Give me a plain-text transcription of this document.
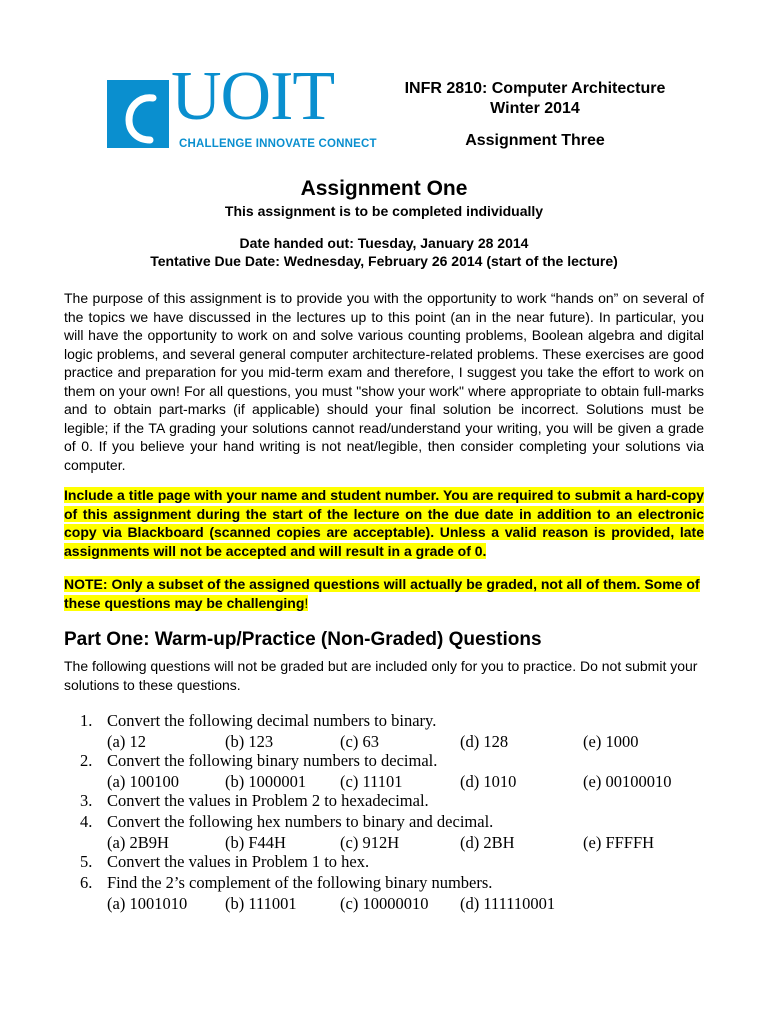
UOIT
CHALLENGE INNOVATE CONNECT
INFR 2810: Computer Architecture
Winter 2014
Assignment Three
Assignment One
This assignment is to be completed individually
Date handed out: Tuesday, January 28 2014
Tentative Due Date: Wednesday, February 26 2014 (start of the lecture)
The purpose of this assignment is to provide you with the opportunity to work “hands on” on several of the topics we have discussed in the lectures up to this point (an in the near future). In particular, you will have the opportunity to work on and solve various counting problems, Boolean algebra and digital logic problems, and several general computer architecture-related problems. These exercises are good practice and preparation for you mid-term exam and therefore, I suggest you take the effort to work on them on your own! For all questions, you must "show your work" where appropriate to obtain full-marks and to obtain part-marks (if applicable) should your final solution be incorrect. Solutions must be legible; if the TA grading your solutions cannot read/understand your writing, you will be given a grade of 0. If you believe your hand writing is not neat/legible, then consider completing your solutions via computer.
Include a title page with your name and student number. You are required to submit a hard-copy of this assignment during the start of the lecture on the due date in addition to an electronic copy via Blackboard (scanned copies are acceptable). Unless a valid reason is provided, late assignments will not be accepted and will result in a grade of 0.
NOTE: Only a subset of the assigned questions will actually be graded, not all of them. Some of these questions may be challenging!
Part One: Warm-up/Practice (Non-Graded) Questions
The following questions will not be graded but are included only for you to practice. Do not submit your solutions to these questions.
1. Convert the following decimal numbers to binary.
(a) 12	(b) 123	(c) 63	(d) 128	(e) 1000
2. Convert the following binary numbers to decimal.
(a) 100100	(b) 1000001 (c) 11101	(d) 1010	(e) 00100010
3. Convert the values in Problem 2 to hexadecimal.
4. Convert the following hex numbers to binary and decimal.
(a) 2B9H	(b) F44H	(c) 912H	(d) 2BH	(e) FFFFH
5. Convert the values in Problem 1 to hex.
6. Find the 2’s complement of the following binary numbers.
(a) 1001010 (b) 111001	(c) 10000010 (d) 111110001
